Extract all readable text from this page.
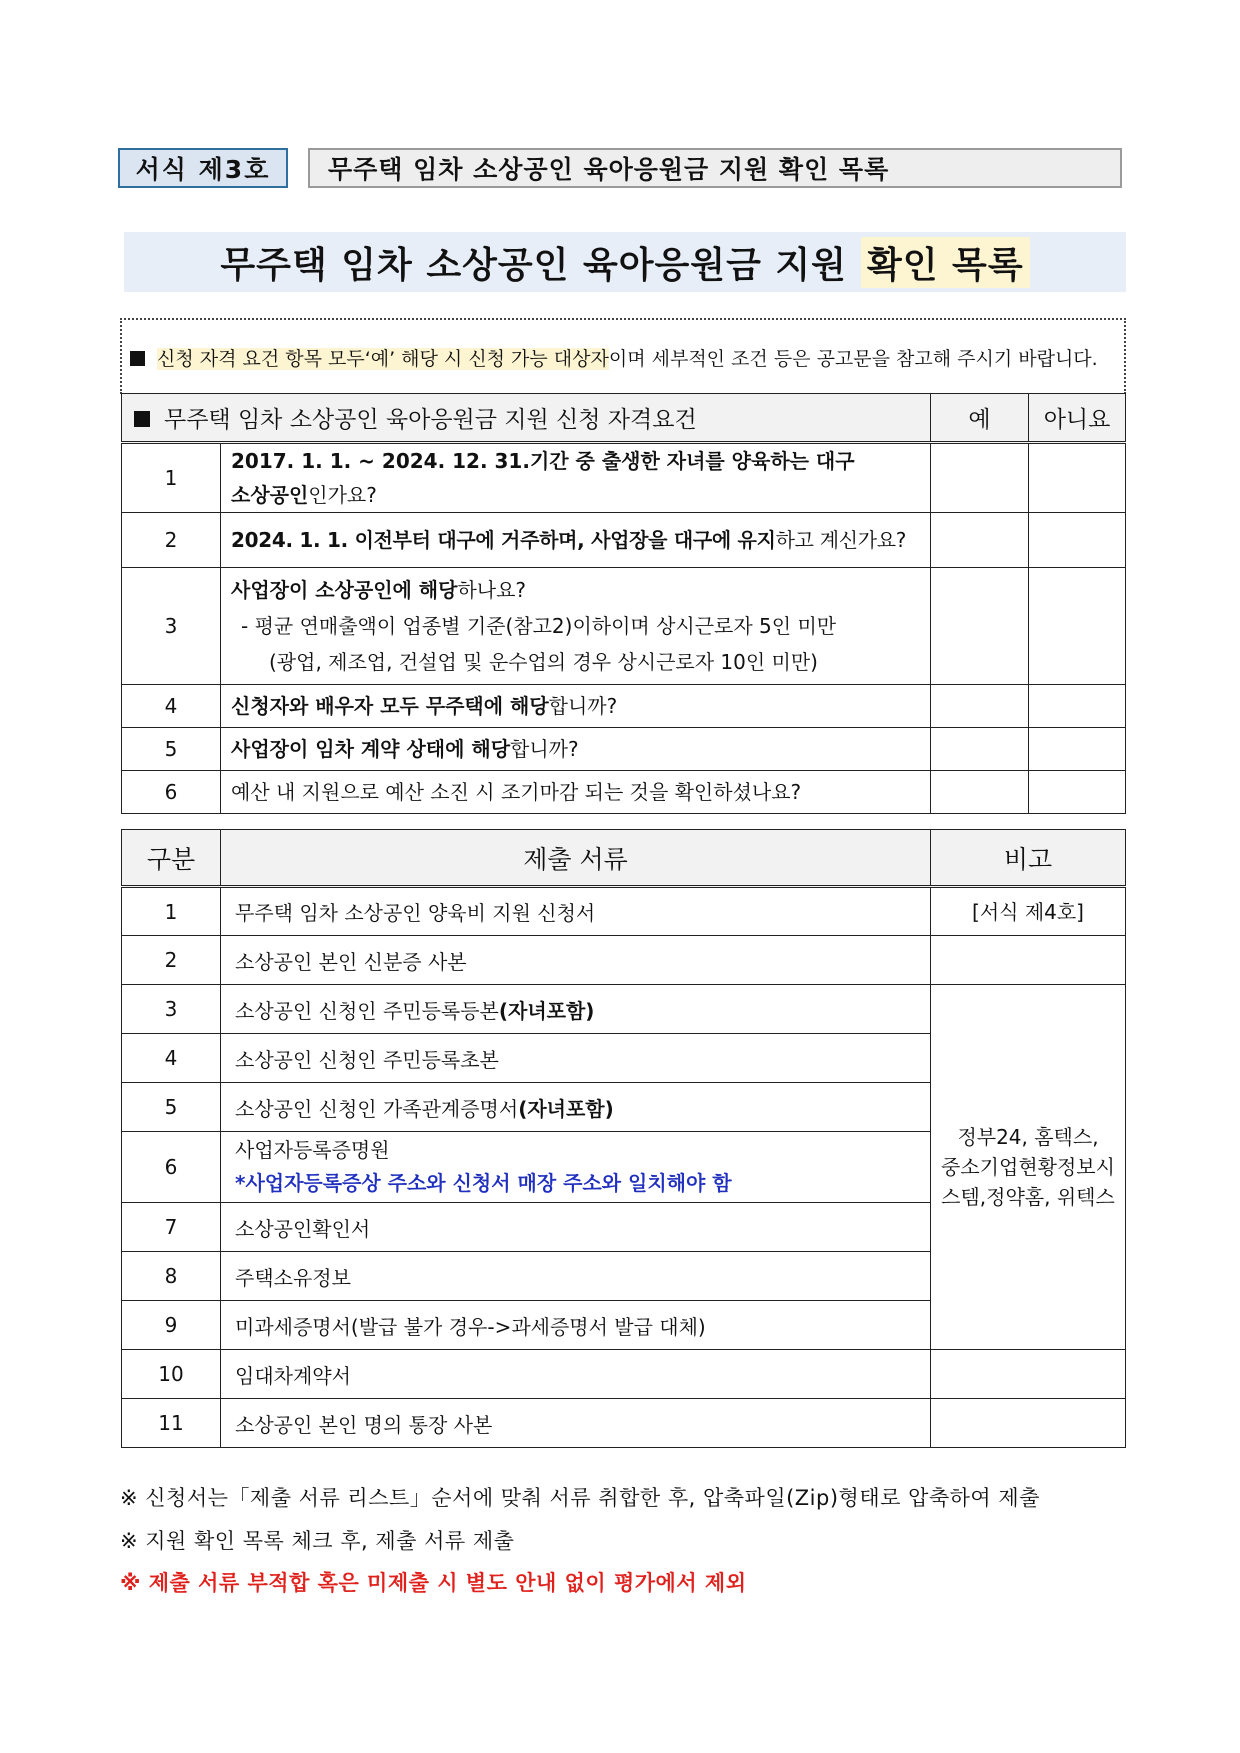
서식 제3호	무주택 임차 소상공인 육아응원금 지원 확인 목록
무주택 임차 소상공인 육아응원금 지원 확인 목록
신청 자격 요건 항목 모두‘예’ 해당 시 신청 가능 대상자이며 세부적인 조건 등은 공고문을 참고해 주시기 바랍니다.
무주택 임차 소상공인 육아응원금 지원 신청 자격요건		예	아니요
1	2017. 1. 1. ~ 2024. 12. 31.기간 중 출생한 자녀를 양육하는 대구
소상공인인가요?		
2	2024. 1. 1. 이전부터 대구에 거주하며, 사업장을 대구에 유지하고 계신가요?		
3	사업장이 소상공인에 해당하나요?
- 평균 연매출액이 업종별 기준(참고2)이하이며 상시근로자 5인 미만
(광업, 제조업, 건설업 및 운수업의 경우 상시근로자 10인 미만)		
4	신청자와 배우자 모두 무주택에 해당합니까?		
5	사업장이 임차 계약 상태에 해당합니까?		
6	예산 내 지원으로 예산 소진 시 조기마감 되는 것을 확인하셨나요?		
구분	제출 서류	비고
1	무주택 임차 소상공인 양육비 지원 신청서	[서식 제4호]
2	소상공인 본인 신분증 사본	
3	소상공인 신청인 주민등록등본(자녀포함)	정부24, 홈텍스,
중소기업현황정보시
스템,정약홈, 위텍스
4	소상공인 신청인 주민등록초본	
5	소상공인 신청인 가족관계증명서(자녀포함)	
6	사업자등록증명원
*사업자등록증상 주소와 신청서 매장 주소와 일치해야 함	
7	소상공인확인서	
8	주택소유정보	
9	미과세증명서(발급 불가 경우->과세증명서 발급 대체)	
10	임대차계약서	
11	소상공인 본인 명의 통장 사본	
※ 신청서는「제출 서류 리스트」순서에 맞춰 서류 취합한 후, 압축파일(Zip)형태로 압축하여 제출
※ 지원 확인 목록 체크 후, 제출 서류 제출
※ 제출 서류 부적합 혹은 미제출 시 별도 안내 없이 평가에서 제외
